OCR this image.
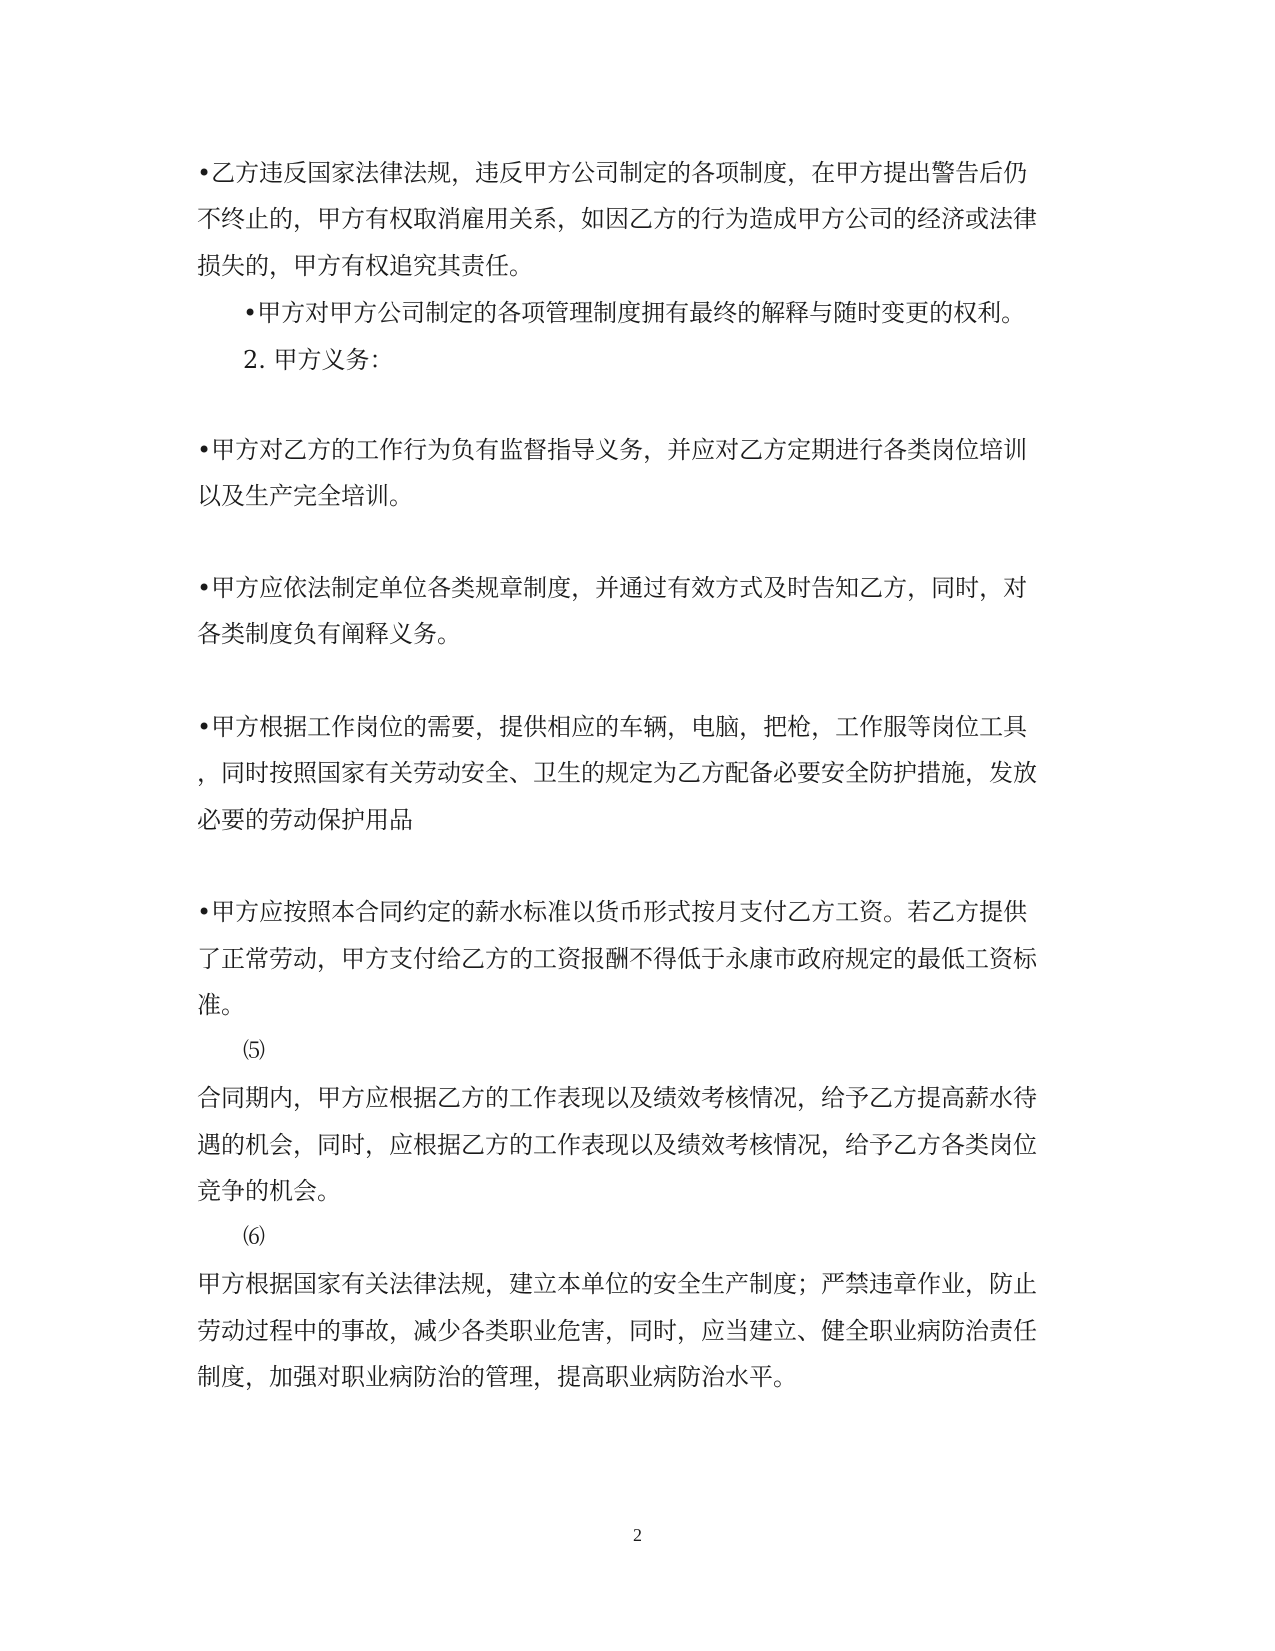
•乙方违反国家法律法规，违反甲方公司制定的各项制度，在甲方提出警告后仍
不终止的，甲方有权取消雇用关系，如因乙方的行为造成甲方公司的经济或法律
损失的，甲方有权追究其责任。
•甲方对甲方公司制定的各项管理制度拥有最终的解释与随时变更的权利。
2. 甲方义务：
•甲方对乙方的工作行为负有监督指导义务，并应对乙方定期进行各类岗位培训
以及生产完全培训。
•甲方应依法制定单位各类规章制度，并通过有效方式及时告知乙方，同时，对
各类制度负有阐释义务。
•甲方根据工作岗位的需要，提供相应的车辆，电脑，把枪，工作服等岗位工具
，同时按照国家有关劳动安全、卫生的规定为乙方配备必要安全防护措施，发放
必要的劳动保护用品
•甲方应按照本合同约定的薪水标准以货币形式按月支付乙方工资。若乙方提供
了正常劳动，甲方支付给乙方的工资报酬不得低于永康市政府规定的最低工资标
准。
⑸
合同期内，甲方应根据乙方的工作表现以及绩效考核情况，给予乙方提高薪水待
遇的机会，同时，应根据乙方的工作表现以及绩效考核情况，给予乙方各类岗位
竞争的机会。
⑹
甲方根据国家有关法律法规，建立本单位的安全生产制度；严禁违章作业，防止
劳动过程中的事故，减少各类职业危害，同时，应当建立、健全职业病防治责任
制度，加强对职业病防治的管理，提高职业病防治水平。
2
